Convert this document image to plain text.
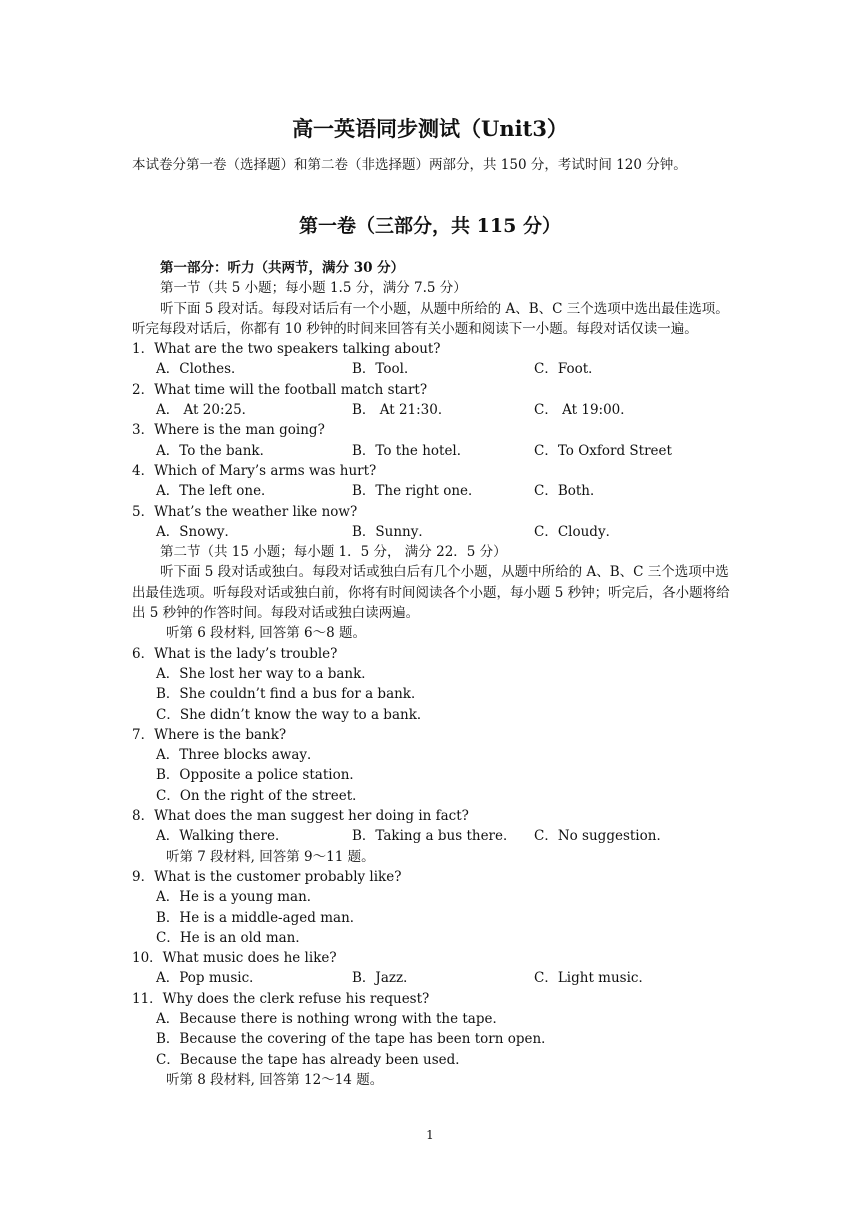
高一英语同步测试（Unit3）
本试卷分第一卷（选择题）和第二卷（非选择题）两部分，共 150 分，考试时间 120 分钟。
第一卷（三部分，共 115 分）
第一部分：听力（共两节，满分 30 分）
第一节（共 5 小题；每小题 1.5 分，满分 7.5 分）
听下面 5 段对话。每段对话后有一个小题，从题中所给的 A、B、C 三个选项中选出最佳选项。听完每段对话后，你都有 10 秒钟的时间来回答有关小题和阅读下一小题。每段对话仅读一遍。
1．What are the two speakers talking about?
A．Clothes．	B．Tool．	C．Foot．
2．What time will the football match start?
A． At 20:25．	B． At 21:30．	C． At 19:00．
3．Where is the man going?
A．To the bank．	B．To the hotel．	C．To Oxford Street
4．Which of Mary’s arms was hurt?
A．The left one．	B．The right one．	C．Both．
5．What’s the weather like now?
A．Snowy．	B．Sunny．	C．Cloudy．
第二节（共 15 小题；每小题 1．5 分， 满分 22．5 分）
听下面 5 段对话或独白。每段对话或独白后有几个小题，从题中所给的 A、B、C 三个选项中选出最佳选项。听每段对话或独白前，你将有时间阅读各个小题，每小题 5 秒钟；听完后，各小题将给出 5 秒钟的作答时间。每段对话或独白读两遍。
听第 6 段材料, 回答第 6～8 题。
6．What is the lady’s trouble?
A．She lost her way to a bank．
B．She couldn’t find a bus for a bank．
C．She didn’t know the way to a bank．
7．Where is the bank?
A．Three blocks away．
B．Opposite a police station．
C．On the right of the street．
8．What does the man suggest her doing in fact?
A．Walking there．	B．Taking a bus there．	C．No suggestion．
听第 7 段材料, 回答第 9～11 题。
9．What is the customer probably like?
A．He is a young man．
B．He is a middle-aged man．
C．He is an old man．
10．What music does he like?
A．Pop music．	B．Jazz．	C．Light music．
11．Why does the clerk refuse his request?
A．Because there is nothing wrong with the tape．
B．Because the covering of the tape has been torn open．
C．Because the tape has already been used．
听第 8 段材料, 回答第 12～14 题。
1
